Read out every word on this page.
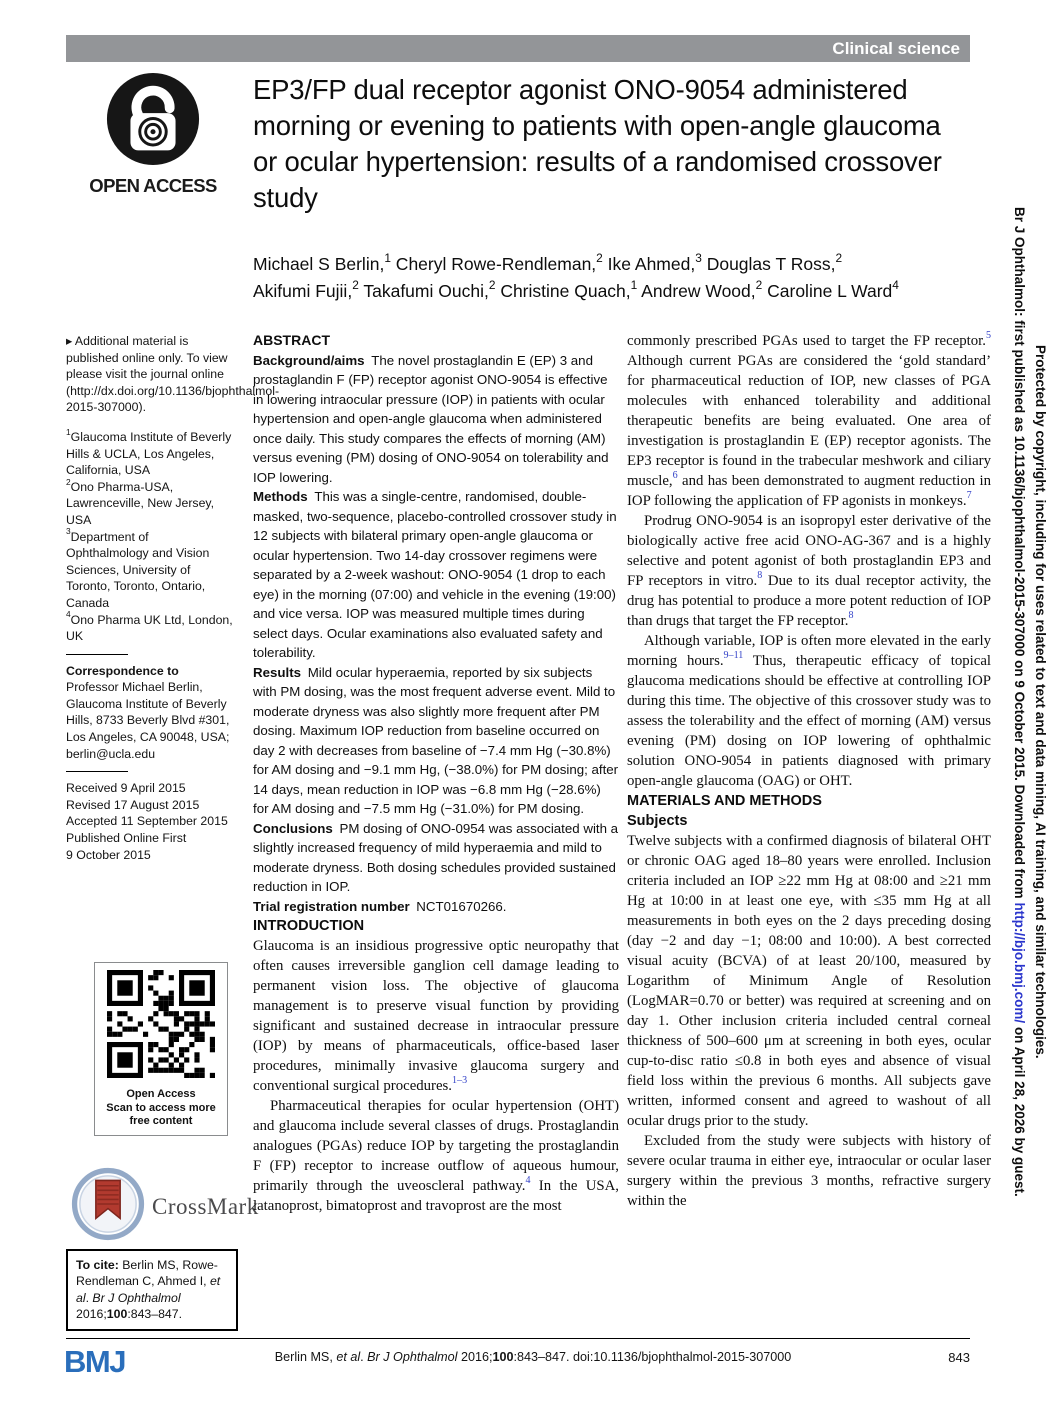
Clinical science
OPEN ACCESS
EP3/FP dual receptor agonist ONO-9054 administered morning or evening to patients with open-angle glaucoma or ocular hypertension: results of a randomised crossover study
Michael S Berlin,$^1$ Cheryl Rowe-Rendleman,$^2$ Ike Ahmed,$^3$ Douglas T Ross,$^2$
Akifumi Fujii,$^2$ Takafumi Ouchi,$^2$ Christine Quach,$^1$ Andrew Wood,$^2$ Caroline L Ward$^4$

▸ Additional material is published online only. To view please visit the journal online (http://dx.doi.org/10.1136/bjophthalmol-2015-307000).

$^1$Glaucoma Institute of Beverly Hills & UCLA, Los Angeles, California, USA

$^2$Ono Pharma-USA, Lawrenceville, New Jersey, USA

$^3$Department of Ophthalmology and Vision Sciences, University of Toronto, Toronto, Ontario, Canada

$^4$Ono Pharma UK Ltd, London, UK

Correspondence to

Professor Michael Berlin, Glaucoma Institute of Beverly Hills, 8733 Beverly Blvd #301, Los Angeles, CA 90048, USA; berlin@ucla.edu

Received 9 April 2015

Revised 17 August 2015

Accepted 11 September 2015

Published Online First

9 October 2015

Open Access
Scan to access more free content
CrossMark
To cite: Berlin MS, Rowe-Rendleman C, Ahmed I, et al. Br J Ophthalmol 2016;100:843–847.

ABSTRACT

Background/aims The novel prostaglandin E (EP) 3 and prostaglandin F (FP) receptor agonist ONO-9054 is effective in lowering intraocular pressure (IOP) in patients with ocular hypertension and open-angle glaucoma when administered once daily. This study compares the effects of morning (AM) versus evening (PM) dosing of ONO-9054 on tolerability and IOP lowering.

Methods This was a single-centre, randomised, double-masked, two-sequence, placebo-controlled crossover study in 12 subjects with bilateral primary open-angle glaucoma or ocular hypertension. Two 14-day crossover regimens were separated by a 2-week washout: ONO-9054 (1 drop to each eye) in the morning (07:00) and vehicle in the evening (19:00) and vice versa. IOP was measured multiple times during select days. Ocular examinations also evaluated safety and tolerability.

Results Mild ocular hyperaemia, reported by six subjects with PM dosing, was the most frequent adverse event. Mild to moderate dryness was also slightly more frequent after PM dosing. Maximum IOP reduction from baseline occurred on day 2 with decreases from baseline of −7.4 mm Hg (−30.8%) for AM dosing and −9.1 mm Hg, (−38.0%) for PM dosing; after 14 days, mean reduction in IOP was −6.8 mm Hg (−28.6%) for AM dosing and −7.5 mm Hg (−31.0%) for PM dosing.

Conclusions PM dosing of ONO-0954 was associated with a slightly increased frequency of mild hyperaemia and mild to moderate dryness. Both dosing schedules provided sustained reduction in IOP.

Trial registration number NCT01670266.

INTRODUCTION

Glaucoma is an insidious progressive optic neuropathy that often causes irreversible ganglion cell damage leading to permanent vision loss. The objective of glaucoma management is to preserve visual function by providing significant and sustained decrease in intraocular pressure (IOP) by means of pharmaceuticals, office-based laser procedures, minimally invasive glaucoma surgery and conventional surgical procedures.$^{1-3}$

Pharmaceutical therapies for ocular hypertension (OHT) and glaucoma include several classes of drugs. Prostaglandin analogues (PGAs) reduce IOP by targeting the prostaglandin F (FP) receptor to increase outflow of aqueous humour, primarily through the uveoscleral pathway.$^4$ In the USA, latanoprost, bimatoprost and travoprost are the most

commonly prescribed PGAs used to target the FP receptor.$^5$ Although current PGAs are considered the ‘gold standard’ for pharmaceutical reduction of IOP, new classes of PGA molecules with enhanced tolerability and additional therapeutic benefits are being evaluated. One area of investigation is prostaglandin E (EP) receptor agonists. The EP3 receptor is found in the trabecular meshwork and ciliary muscle,$^6$ and has been demonstrated to augment reduction in IOP following the application of FP agonists in monkeys.$^7$

Prodrug ONO-9054 is an isopropyl ester derivative of the biologically active free acid ONO-AG-367 and is a highly selective and potent agonist of both prostaglandin EP3 and FP receptors in vitro.$^8$ Due to its dual receptor activity, the drug has potential to produce a more potent reduction of IOP than drugs that target the FP receptor.$^8$

Although variable, IOP is often more elevated in the early morning hours.$^{9-11}$ Thus, therapeutic efficacy of topical glaucoma medications should be effective at controlling IOP during this time. The objective of this crossover study was to assess the tolerability and the effect of morning (AM) versus evening (PM) dosing on IOP lowering of ophthalmic solution ONO-9054 in patients diagnosed with primary open-angle glaucoma (OAG) or OHT.

MATERIALS AND METHODS

Subjects

Twelve subjects with a confirmed diagnosis of bilateral OHT or chronic OAG aged 18–80 years were enrolled. Inclusion criteria included an IOP ≥22 mm Hg at 08:00 and ≥21 mm Hg at 10:00 in at least one eye, with ≤35 mm Hg at all measurements in both eyes on the 2 days preceding dosing (day −2 and day −1; 08:00 and 10:00). A best corrected visual acuity (BCVA) of at least 20/100, measured by Logarithm of Minimum Angle of Resolution (LogMAR=0.70 or better) was required at screening and on day 1. Other inclusion criteria included central corneal thickness of 500–600 μm at screening in both eyes, ocular cup-to-disc ratio ≤0.8 in both eyes and absence of visual field loss within the previous 6 months. All subjects gave written, informed consent and agreed to washout of all ocular drugs prior to the study.

Excluded from the study were subjects with history of severe ocular trauma in either eye, intraocular or ocular laser surgery within the previous 3 months, refractive surgery within the

BMJ	Berlin MS, et al. Br J Ophthalmol 2016;100:843–847. doi:10.1136/bjophthalmol-2015-307000	843
Br J Ophthalmol: first published as 10.1136/bjophthalmol-2015-307000 on 9 October 2015. Downloaded from http://bjo.bmj.com/ on April 28, 2026 by guest.
Protected by copyright, including for uses related to text and data mining, AI training, and similar technologies.
